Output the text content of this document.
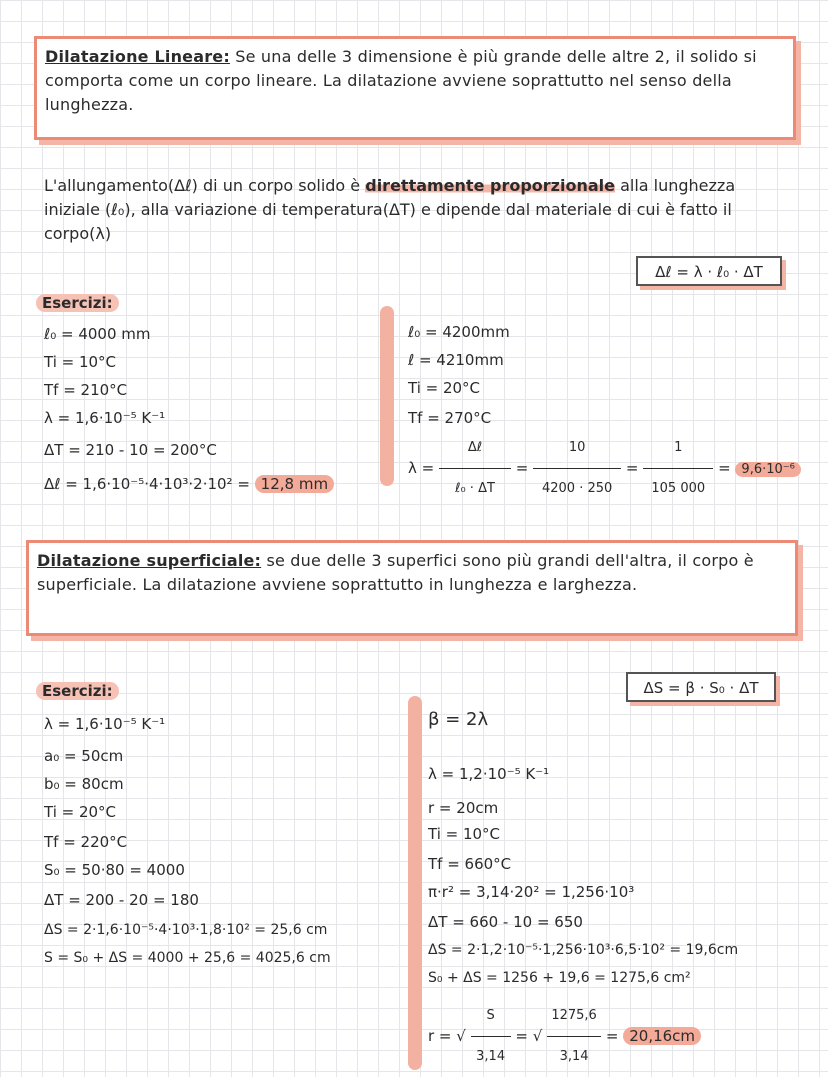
Dilatazione Lineare: Se una delle 3 dimensione è più grande delle altre 2, il solido si comporta come un corpo lineare. La dilatazione avviene soprattutto nel senso della lunghezza.
L'allungamento(Δℓ) di un corpo solido è direttamente proporzionale alla lunghezza iniziale (ℓ₀), alla variazione di temperatura(ΔT) e dipende dal materiale di cui è fatto il corpo(λ)
Δℓ = λ · ℓ₀ · ΔT
Esercizi:
ℓ₀ = 4000 mm
Ti = 10°C
Tf = 210°C
λ = 1,6·10⁻⁵ K⁻¹
ΔT = 210 - 10 = 200°C
Δℓ = 1,6·10⁻⁵·4·10³·2·10² = 12,8 mm
ℓ₀ = 4200mm
ℓ = 4210mm
Ti = 20°C
Tf = 270°C
$\lambda = \frac{\text{Δℓ}}{\text{ℓ₀ · ΔT}} = \frac{10}{4200 \cdot 250} = \frac{1}{105 000} = 9,6\cdot 10^{-6}$
Dilatazione superficiale: se due delle 3 superfici sono più grandi dell'altra, il corpo è superficiale. La dilatazione avviene soprattutto in lunghezza e larghezza.
ΔS = β · S₀ · ΔT
Esercizi:
λ = 1,6·10⁻⁵ K⁻¹
a₀ = 50cm
b₀ = 80cm
Ti = 20°C
Tf = 220°C
S₀ = 50·80 = 4000
ΔT = 200 - 20 = 180
ΔS = 2·1,6·10⁻⁵·4·10³·1,8·10² = 25,6 cm
S = S₀ + ΔS = 4000 + 25,6 = 4025,6 cm
β = 2λ
λ = 1,2·10⁻⁵ K⁻¹
r = 20cm
Ti = 10°C
Tf = 660°C
π·r² = 3,14·20² = 1,256·10³
ΔT = 660 - 10 = 650
ΔS = 2·1,2·10⁻⁵·1,256·10³·6,5·10² = 19,6cm
S₀ + ΔS = 1256 + 19,6 = 1275,6 cm²
r = √ $\frac{S}{3,14}$ = √ $\frac{1275,6}{3,14} = 20,16cm$
